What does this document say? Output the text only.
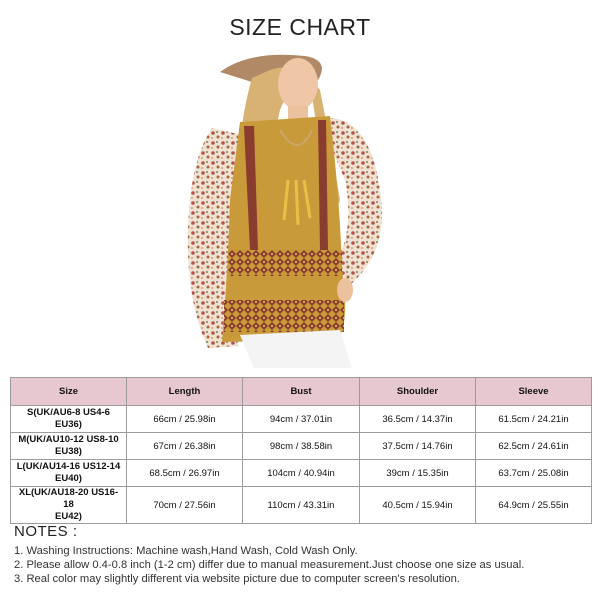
SIZE CHART
Size	Length	Bust	Shoulder	Sleeve
S(UK/AU6-8 US4-6
EU36)	66cm / 25.98in	94cm / 37.01in	36.5cm / 14.37in	61.5cm / 24.21in
M(UK/AU10-12 US8-10
EU38)	67cm / 26.38in	98cm / 38.58in	37.5cm / 14.76in	62.5cm / 24.61in
L(UK/AU14-16 US12-14
EU40)	68.5cm / 26.97in	104cm / 40.94in	39cm / 15.35in	63.7cm / 25.08in
XL(UK/AU18-20 US16-18
EU42)	70cm / 27.56in	110cm / 43.31in	40.5cm / 15.94in	64.9cm / 25.55in
NOTES :
1. Washing Instructions: Machine wash,Hand Wash, Cold Wash Only.
2. Please allow 0.4-0.8 inch (1-2 cm) differ due to manual measurement.Just choose one size as usual.
3. Real color may slightly different via website picture due to computer screen's resolution.
